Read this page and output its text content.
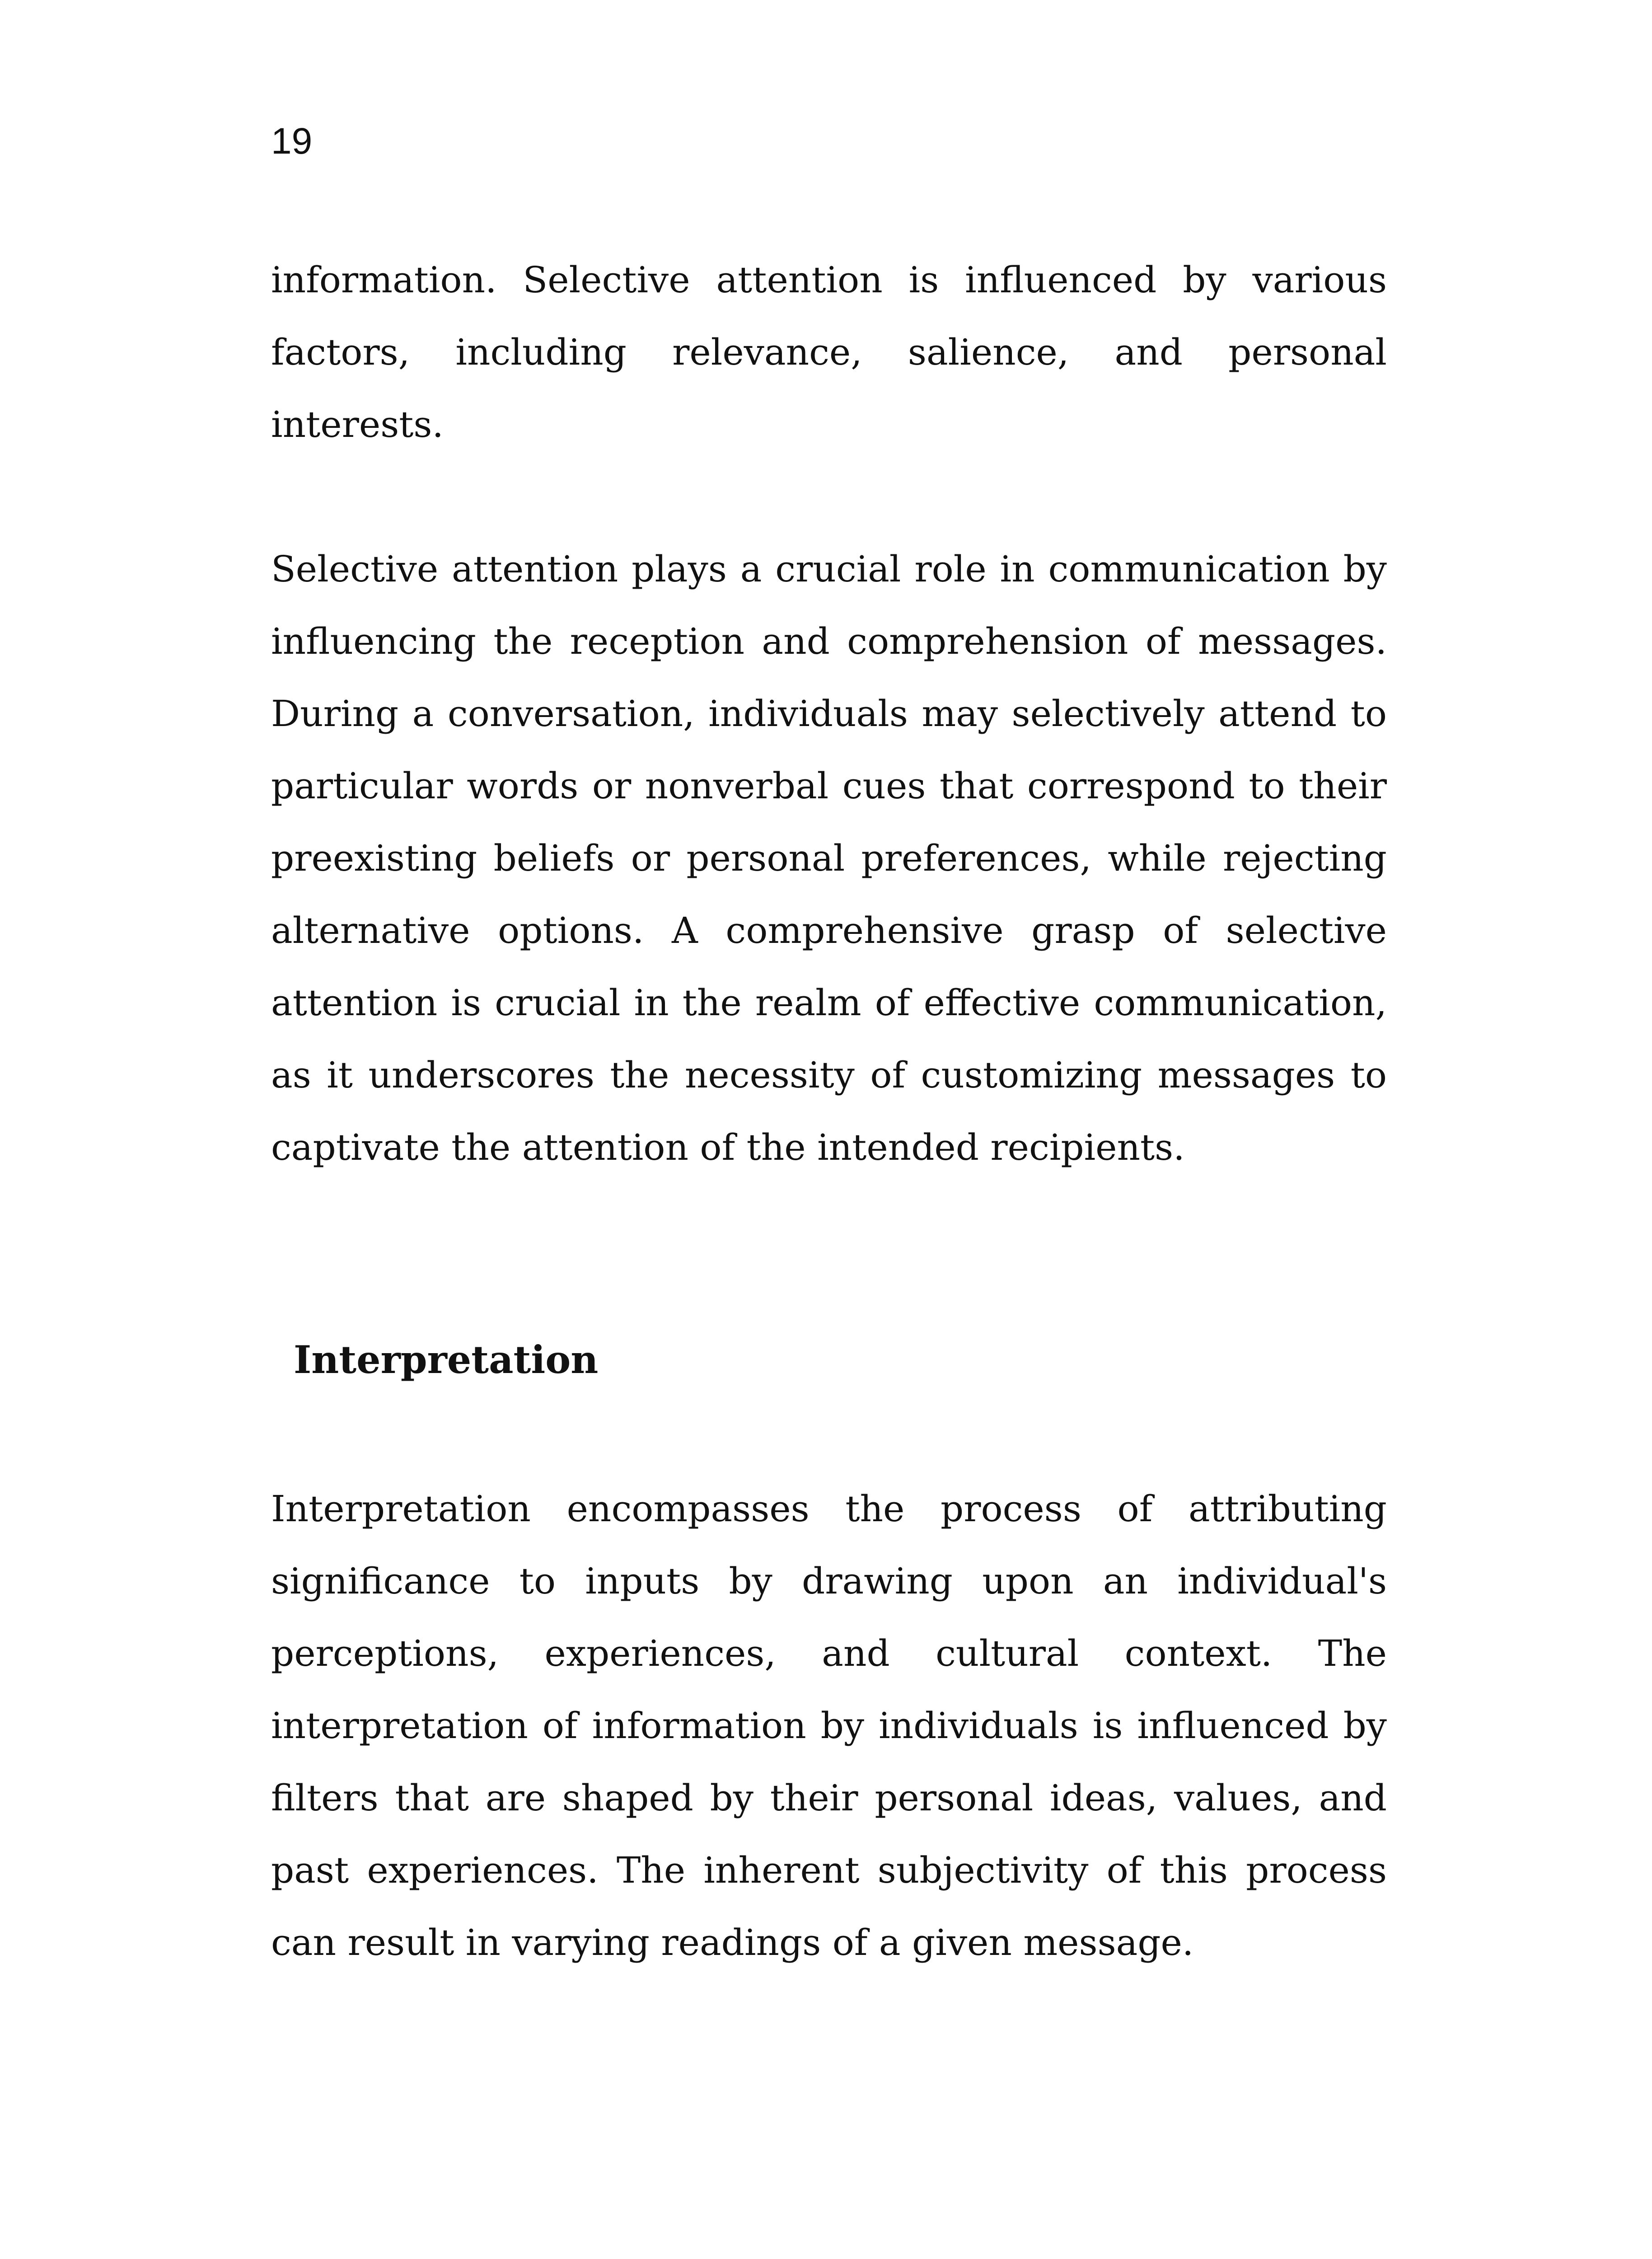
19

information. Selective attention is influenced by various factors, including relevance, salience, and personal interests.

Selective attention plays a crucial role in communication by influencing the reception and comprehension of messages. During a conversation, individuals may selectively attend to particular words or nonverbal cues that correspond to their preexisting beliefs or personal preferences, while rejecting alternative options. A comprehensive grasp of selective attention is crucial in the realm of effective communication, as it underscores the necessity of customizing messages to captivate the attention of the intended recipients.

Interpretation

Interpretation encompasses the process of attributing significance to inputs by drawing upon an individual's perceptions, experiences, and cultural context. The interpretation of information by individuals is influenced by filters that are shaped by their personal ideas, values, and past experiences. The inherent subjectivity of this process can result in varying readings of a given message.
